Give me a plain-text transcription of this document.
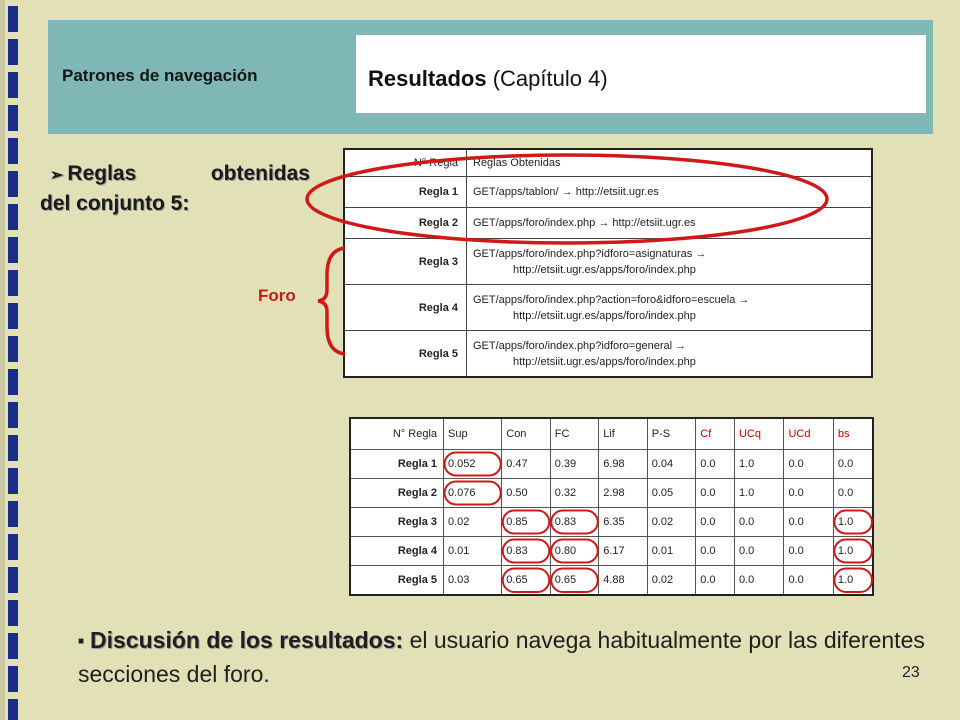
Patrones de navegación	Resultados (Capítulo 4)
➢ Reglas	obtenidas
del conjunto 5:
Foro
N° Regla	Reglas Obtenidas
Regla 1	GET/apps/tablon/ → http://etsiit.ugr.es
Regla 2	GET/apps/foro/index.php → http://etsiit.ugr.es
Regla 3	GET/apps/foro/index.php?idforo=asignaturas →
http://etsiit.ugr.es/apps/foro/index.php

Regla 4	GET/apps/foro/index.php?action=foro&idforo=escuela →
http://etsiit.ugr.es/apps/foro/index.php

Regla 5	GET/apps/foro/index.php?idforo=general →
http://etsiit.ugr.es/apps/foro/index.php
N° Regla	Sup	Con	FC	Lif	P-S	Cf	UCq	UCd	bs
Regla 1	0.052	0.47	0.39	6.98	0.04	0.0	1.0	0.0	0.0
Regla 2	0.076	0.50	0.32	2.98	0.05	0.0	1.0	0.0	0.0
Regla 3	0.02	0.85	0.83	6.35	0.02	0.0	0.0	0.0	1.0
Regla 4	0.01	0.83	0.80	6.17	0.01	0.0	0.0	0.0	1.0
Regla 5	0.03	0.65	0.65	4.88	0.02	0.0	0.0	0.0	1.0
■ Discusión de los resultados: el usuario navega habitualmente por las diferentes secciones del foro.	23
